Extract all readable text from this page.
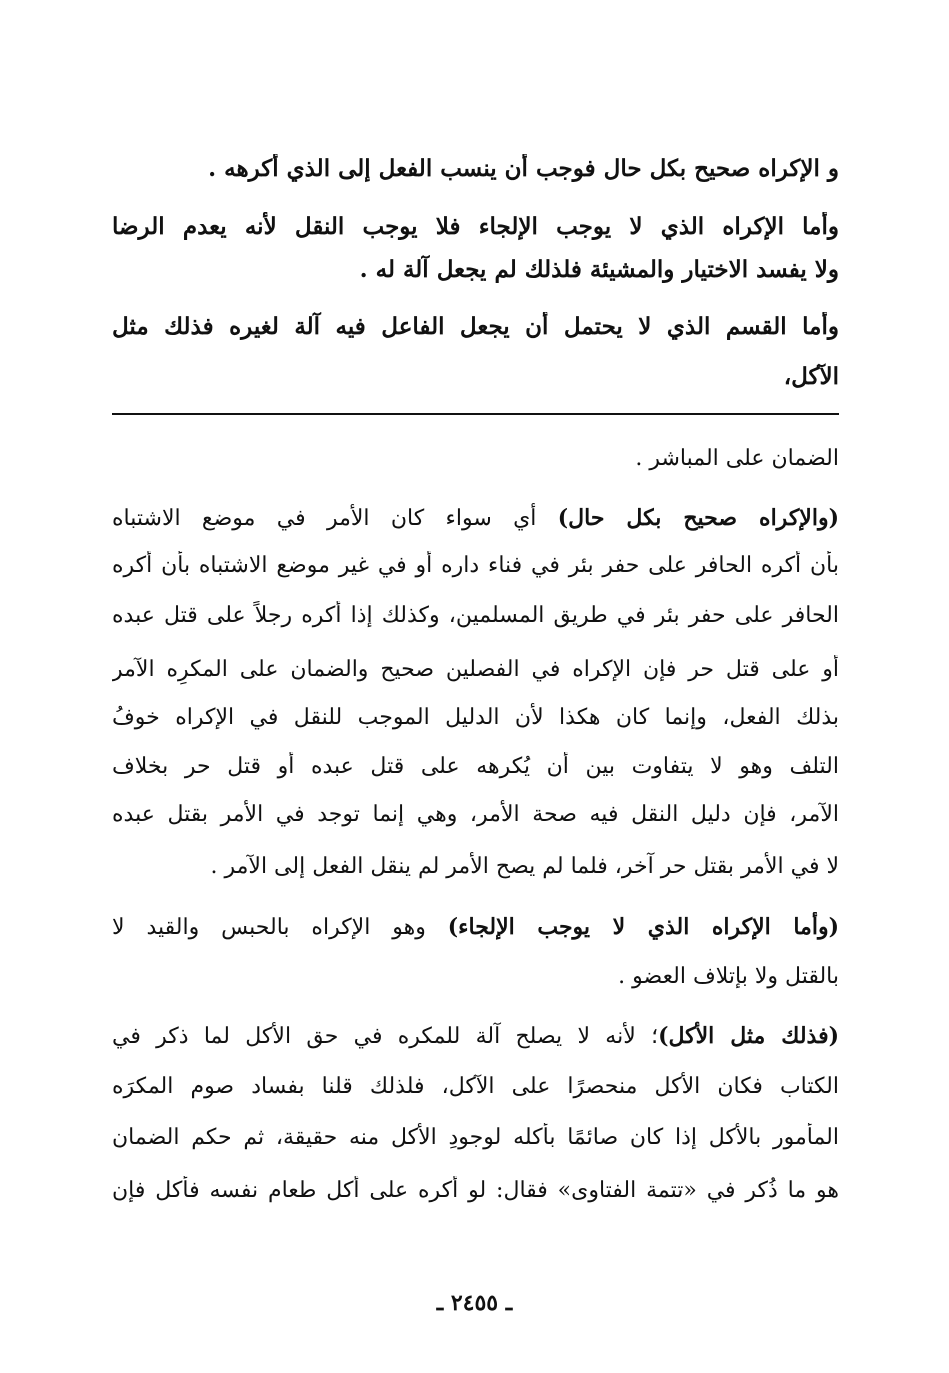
و الإكراه صحيح بكل حال فوجب أن ينسب الفعل إلى الذي أكرهه .
وأما الإكراه الذي لا يوجب الإلجاء فلا يوجب النقل لأنه يعدم الرضا
ولا يفسد الاختيار والمشيئة فلذلك لم يجعل آلة له .
وأما القسم الذي لا يحتمل أن يجعل الفاعل فيه آلة لغيره فذلك مثل
الآكل،
الضمان على المباشر .
(والإكراه صحيح بكل حال) أي سواء كان الأمر في موضع الاشتباه
بأن أكره الحافر على حفر بئر في فناء داره أو في غير موضع الاشتباه بأن أكره
الحافر على حفر بئر في طريق المسلمين، وكذلك إذا أكره رجلاً على قتل عبده
أو على قتل حر فإن الإكراه في الفصلين صحيح والضمان على المكرِه الآمر
بذلك الفعل، وإنما كان هكذا لأن الدليل الموجب للنقل في الإكراه خوفُ
التلف وهو لا يتفاوت بين أن يُكرهه على قتل عبده أو قتل حر بخلاف
الآمر، فإن دليل النقل فيه صحة الأمر، وهي إنما توجد في الأمر بقتل عبده
لا في الأمر بقتل حر آخر، فلما لم يصح الأمر لم ينقل الفعل إلى الآمر .
(وأما الإكراه الذي لا يوجب الإلجاء) وهو الإكراه بالحبس والقيد لا
بالقتل ولا بإتلاف العضو .
(فذلك مثل الأكل)؛ لأنه لا يصلح آلة للمكره في حق الأكل لما ذكر في
الكتاب فكان الأكل منحصرًا على الآكل، فلذلك قلنا بفساد صوم المكرَه
المأمور بالأكل إذا كان صائمًا بأكله لوجودِ الأكل منه حقيقة، ثم حكم الضمان
هو ما ذُكر في «تتمة الفتاوى» فقال: لو أُكره على أكل طعام نفسه فأكل فإن
ـ ٢٤٥٥ ـ
